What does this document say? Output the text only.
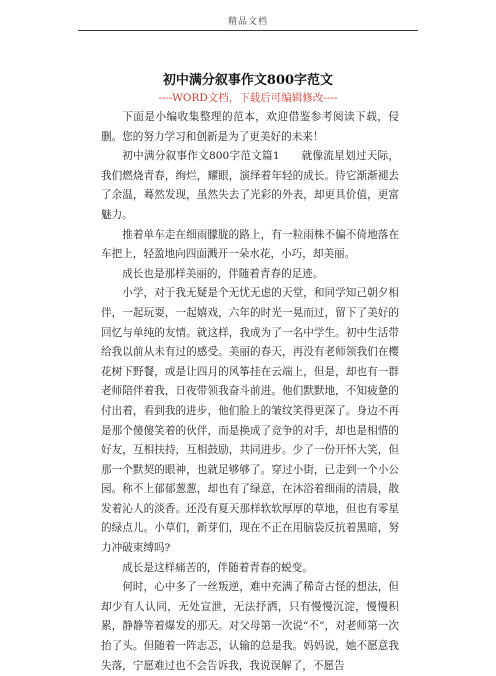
精品文档
初中满分叙事作文800字范文
----WORD文档，下载后可编辑修改----

下面是小编收集整理的范本，欢迎借鉴参考阅读下载，侵删。您的努力学习和创新是为了更美好的未来！

初中满分叙事作文800字范文篇1　　就像流星划过天际，我们燃烧青春，绚烂，耀眼，演绎着年轻的成长。待它渐渐褪去了余温，蓦然发现，虽然失去了光彩的外表，却更具价值，更富魅力。

推着单车走在细雨朦胧的路上，有一粒雨株不偏不倚地落在车把上，轻盈地向四面溅开一朵水花，小巧，却美丽。

成长也是那样美丽的，伴随着青春的足迹。

小学，对于我无疑是个无忧无虑的天堂，和同学知己朝夕相伴，一起玩耍，一起嬉戏，六年的时光一晃而过，留下了美好的回忆与单纯的友情。就这样，我成为了一名中学生。初中生活带给我以前从未有过的感受。美丽的春天，再没有老师领我们在樱花树下野餐，或是让四月的风筝挂在云端上，但是，却也有一群老师陪伴着我，日夜带领我奋斗前进。他们默默地，不知疲惫的付出着，看到我的进步，他们脸上的皱纹笑得更深了。身边不再是那个傻傻笑着的伙伴，而是换成了竞争的对手，却也是相惜的好友，互相扶持，互相鼓励，共同进步。少了一份开怀大笑，但那一个默契的眼神，也就足够够了。穿过小街，已走到一个小公园。称不上郁郁葱葱，却也有了绿意，在沐浴着细雨的清晨，散发着沁人的淡香。还没有夏天那样软软厚厚的草地，但也有零星的绿点儿。小草们，新芽们，现在不正在用脑袋反抗着黑暗，努力冲破束缚吗?

成长是这样痛苦的，伴随着青春的蜕变。

何时，心中多了一丝叛逆，难中充满了稀奇古怪的想法，但却少有人认同，无处宣泄，无法抒洒，只有慢慢沉淀，慢慢积累，静静等着爆发的那天。对父母第一次说“不”，对老师第一次抬了头。但随着一阵志忑，认输的总是我。妈妈说，她不愿意我失落，宁愿难过也不会告诉我，我说误解了，不愿告
